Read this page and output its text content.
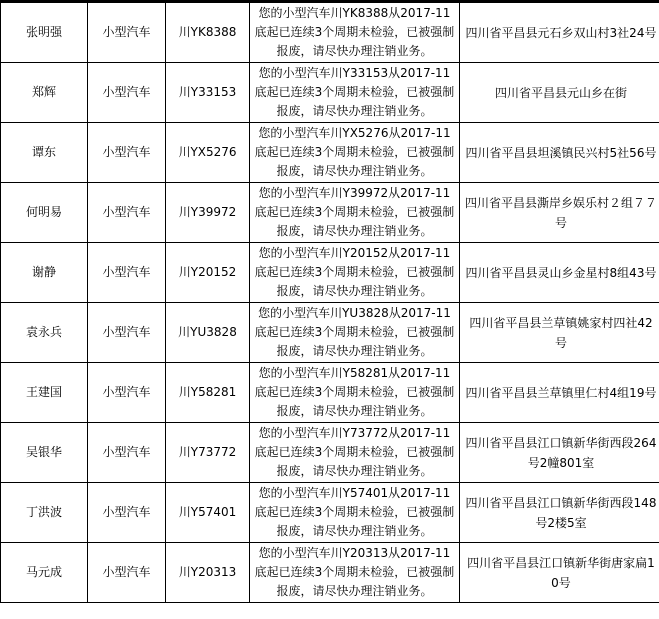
张明强	小型汽车	川YK8388	您的小型汽车川YK8388从2017-11底起已连续3个周期未检验，已被强制报废，请尽快办理注销业务。	四川省平昌县元石乡双山村3社24号
郑辉	小型汽车	川Y33153	您的小型汽车川Y33153从2017-11底起已连续3个周期未检验，已被强制报废，请尽快办理注销业务。	四川省平昌县元山乡在街
谭东	小型汽车	川YX5276	您的小型汽车川YX5276从2017-11底起已连续3个周期未检验，已被强制报废，请尽快办理注销业务。	四川省平昌县坦溪镇民兴村5社56号
何明易	小型汽车	川Y39972	您的小型汽车川Y39972从2017-11底起已连续3个周期未检验，已被强制报废，请尽快办理注销业务。	四川省平昌县澌岸乡娱乐村２组７７号
谢静	小型汽车	川Y20152	您的小型汽车川Y20152从2017-11底起已连续3个周期未检验，已被强制报废，请尽快办理注销业务。	四川省平昌县灵山乡金星村8组43号
袁永兵	小型汽车	川YU3828	您的小型汽车川YU3828从2017-11底起已连续3个周期未检验，已被强制报废，请尽快办理注销业务。	四川省平昌县兰草镇姚家村四社42号
王建国	小型汽车	川Y58281	您的小型汽车川Y58281从2017-11底起已连续3个周期未检验，已被强制报废，请尽快办理注销业务。	四川省平昌县兰草镇里仁村4组19号
吴银华	小型汽车	川Y73772	您的小型汽车川Y73772从2017-11底起已连续3个周期未检验，已被强制报废，请尽快办理注销业务。	四川省平昌县江口镇新华街西段264号2幢801室
丁洪波	小型汽车	川Y57401	您的小型汽车川Y57401从2017-11底起已连续3个周期未检验，已被强制报废，请尽快办理注销业务。	四川省平昌县江口镇新华街西段148号2楼5室
马元成	小型汽车	川Y20313	您的小型汽车川Y20313从2017-11底起已连续3个周期未检验，已被强制报废，请尽快办理注销业务。	四川省平昌县江口镇新华街唐家扁10号
